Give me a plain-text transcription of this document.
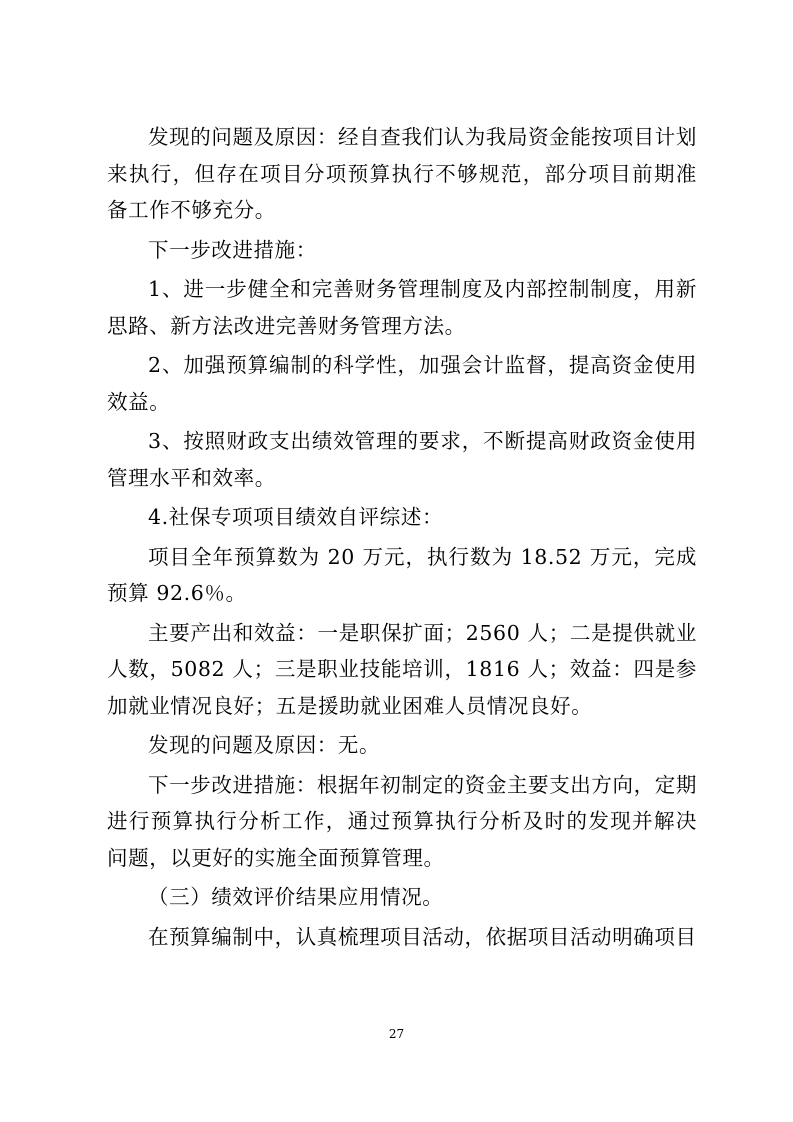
发现的问题及原因：经自查我们认为我局资金能按项目计划来执行，但存在项目分项预算执行不够规范，部分项目前期准备工作不够充分。

下一步改进措施：

1、进一步健全和完善财务管理制度及内部控制制度，用新思路、新方法改进完善财务管理方法。

2、加强预算编制的科学性，加强会计监督，提高资金使用效益。

3、按照财政支出绩效管理的要求，不断提高财政资金使用管理水平和效率。

4.社保专项项目绩效自评综述：

项目全年预算数为 20 万元，执行数为 18.52 万元，完成预算 92.6％。

主要产出和效益：一是职保扩面；2560 人；二是提供就业人数，5082 人；三是职业技能培训，1816 人；效益：四是参加就业情况良好；五是援助就业困难人员情况良好。

发现的问题及原因：无。

下一步改进措施：根据年初制定的资金主要支出方向，定期进行预算执行分析工作，通过预算执行分析及时的发现并解决问题，以更好的实施全面预算管理。

（三）绩效评价结果应用情况。

在预算编制中，认真梳理项目活动，依据项目活动明确项目

27
